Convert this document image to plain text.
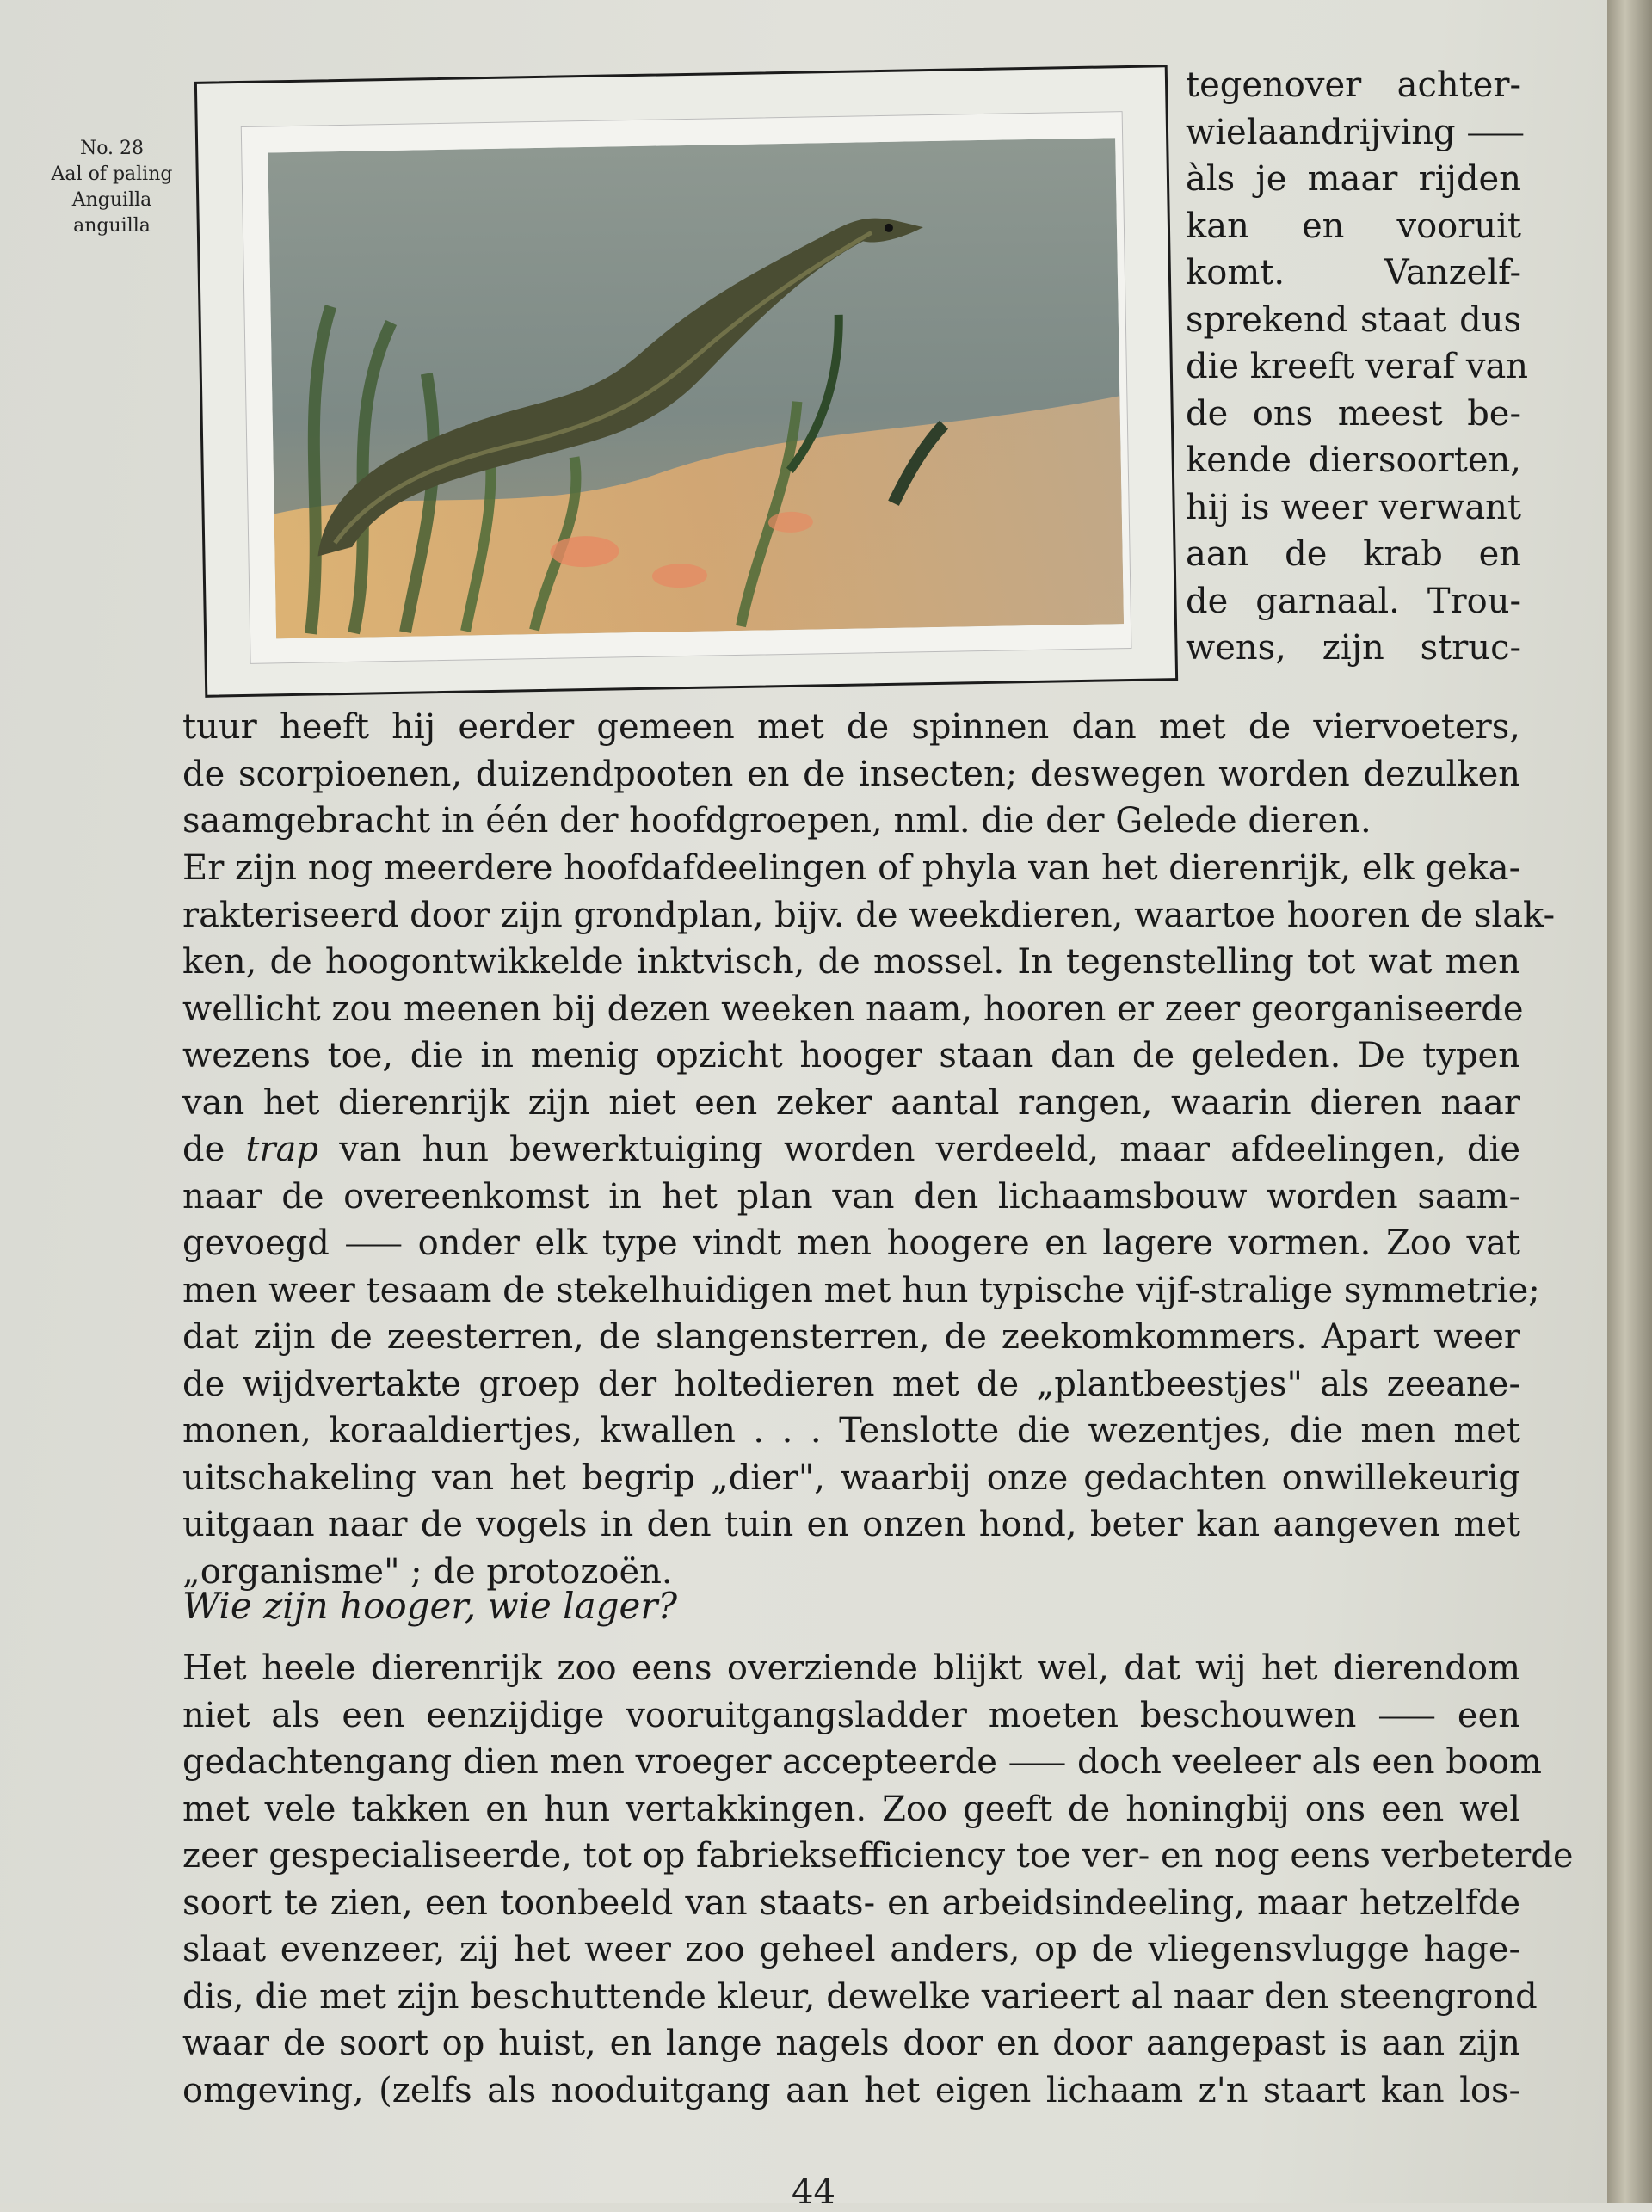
No. 28
Aal of paling
Anguilla
anguilla
tegenover achter-
wielaandrijving ⸺
àls je maar rijden
kan en vooruit
komt. Vanzelf-
sprekend staat dus
die kreeft veraf van
de ons meest be-
kende diersoorten,
hij is weer verwant
aan de krab en
de garnaal. Trou-
wens, zijn struc-
tuur heeft hij eerder gemeen met de spinnen dan met de viervoeters,
de scorpioenen, duizendpooten en de insecten; deswegen worden dezulken
saamgebracht in één der hoofdgroepen, nml. die der Gelede dieren.
Er zijn nog meerdere hoofdafdeelingen of phyla van het dierenrijk, elk geka-
rakteriseerd door zijn grondplan, bijv. de weekdieren, waartoe hooren de slak-
ken, de hoogontwikkelde inktvisch, de mossel. In tegenstelling tot wat men
wellicht zou meenen bij dezen weeken naam, hooren er zeer georganiseerde
wezens toe, die in menig opzicht hooger staan dan de geleden. De typen
van het dierenrijk zijn niet een zeker aantal rangen, waarin dieren naar
de trap van hun bewerktuiging worden verdeeld, maar afdeelingen, die
naar de overeenkomst in het plan van den lichaamsbouw worden saam-
gevoegd ⸺ onder elk type vindt men hoogere en lagere vormen. Zoo vat
men weer tesaam de stekelhuidigen met hun typische vijf-stralige symmetrie;
dat zijn de zeesterren, de slangensterren, de zeekomkommers. Apart weer
de wijdvertakte groep der holtedieren met de „plantbeestjes" als zeeane-
monen, koraaldiertjes, kwallen . . . Tenslotte die wezentjes, die men met
uitschakeling van het begrip „dier", waarbij onze gedachten onwillekeurig
uitgaan naar de vogels in den tuin en onzen hond, beter kan aangeven met
„organisme" ; de protozoën.
Wie zijn hooger, wie lager?
Het heele dierenrijk zoo eens overziende blijkt wel, dat wij het dierendom
niet als een eenzijdige vooruitgangsladder moeten beschouwen ⸺ een
gedachtengang dien men vroeger accepteerde ⸺ doch veeleer als een boom
met vele takken en hun vertakkingen. Zoo geeft de honingbij ons een wel
zeer gespecialiseerde, tot op fabrieksefficiency toe ver- en nog eens verbeterde
soort te zien, een toonbeeld van staats- en arbeidsindeeling, maar hetzelfde
slaat evenzeer, zij het weer zoo geheel anders, op de vliegensvlugge hage-
dis, die met zijn beschuttende kleur, dewelke varieert al naar den steengrond
waar de soort op huist, en lange nagels door en door aangepast is aan zijn
omgeving, (zelfs als nooduitgang aan het eigen lichaam z'n staart kan los-
44
